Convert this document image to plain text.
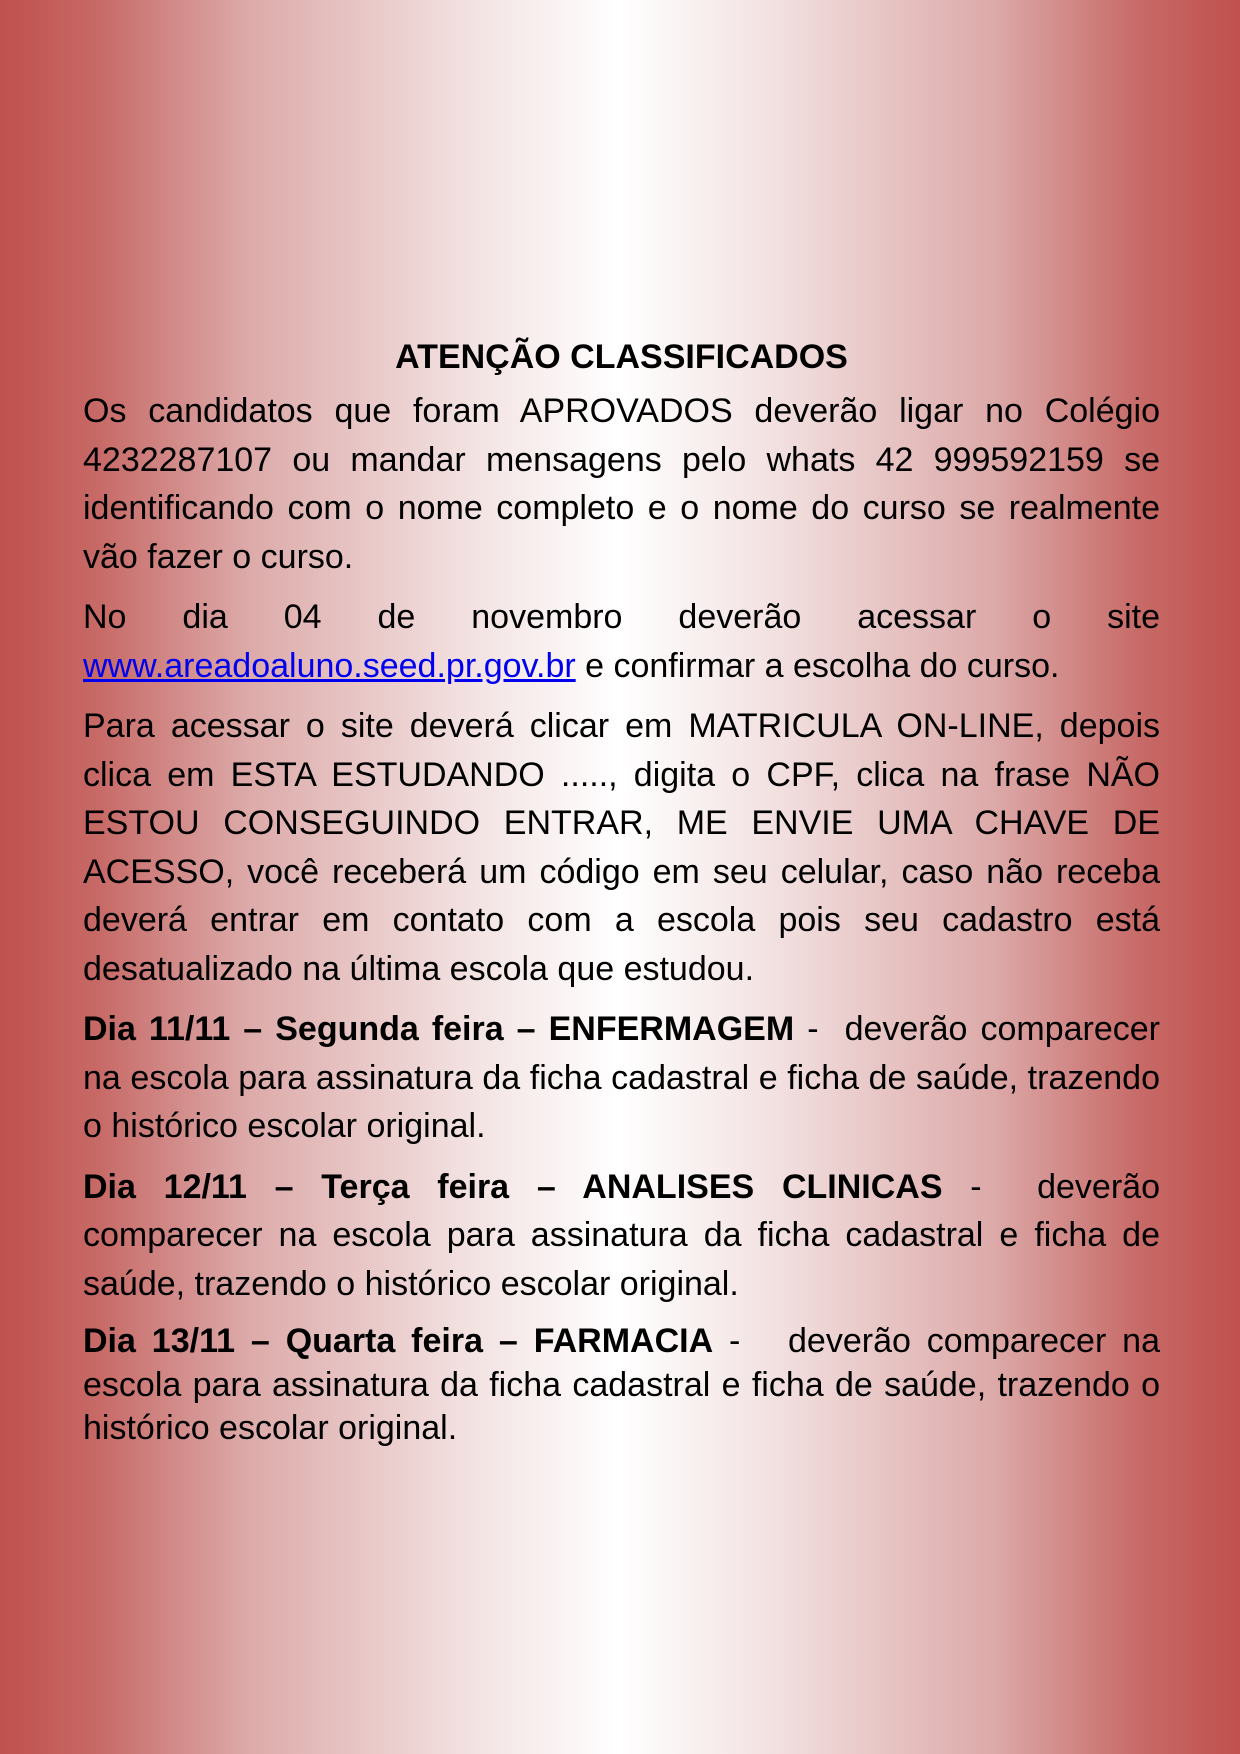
ATENÇÃO CLASSIFICADOS

Os candidatos que foram APROVADOS deverão ligar no Colégio 4232287107 ou mandar mensagens pelo whats 42 999592159 se identificando com o nome completo e o nome do curso se realmente vão fazer o curso.

No dia 04 de novembro deverão acessar o site www.areadoaluno.seed.pr.gov.br e confirmar a escolha do curso.

Para acessar o site deverá clicar em MATRICULA ON-LINE, depois clica em ESTA ESTUDANDO ....., digita o CPF, clica na frase NÃO ESTOU CONSEGUINDO ENTRAR, ME ENVIE UMA CHAVE DE ACESSO, você receberá um código em seu celular, caso não receba deverá entrar em contato com a escola pois seu cadastro está desatualizado na última escola que estudou.

Dia 11/11 – Segunda feira – ENFERMAGEM -  deverão comparecer na escola para assinatura da ficha cadastral e ficha de saúde, trazendo o histórico escolar original.

Dia 12/11 – Terça feira – ANALISES CLINICAS -  deverão comparecer na escola para assinatura da ficha cadastral e ficha de saúde, trazendo o histórico escolar original.

Dia 13/11 – Quarta feira – FARMACIA -   deverão comparecer na escola para assinatura da ficha cadastral e ficha de saúde, trazendo o histórico escolar original.
